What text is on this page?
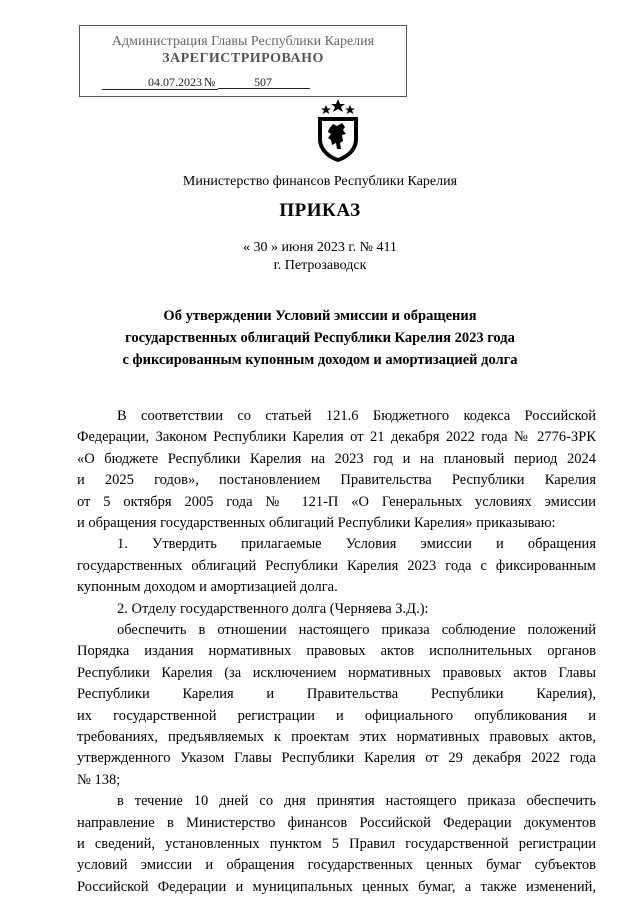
Администрация Главы Республики Карелия
ЗАРЕГИСТРИРОВАНО
04.07.2023 №	507
Министерство финансов Республики Карелия
ПРИКАЗ
« 30 » июня 2023 г. № 411
г. Петрозаводск
Об утверждении Условий эмиссии и обращения
государственных облигаций Республики Карелия 2023 года
с фиксированным купонным доходом и амортизацией долга
В соответствии со статьей 121.6 Бюджетного кодекса Российской
Федерации, Законом Республики Карелия от 21 декабря 2022 года № 2776-ЗРК
«О бюджете Республики Карелия на 2023 год и на плановый период 2024
и 2025 годов», постановлением Правительства Республики Карелия
от 5 октября 2005 года № 121-П «О Генеральных условиях эмиссии
и обращения государственных облигаций Республики Карелия» приказываю:
1. Утвердить прилагаемые Условия эмиссии и обращения
государственных облигаций Республики Карелия 2023 года с фиксированным
купонным доходом и амортизацией долга.
2. Отделу государственного долга (Черняева З.Д.):
обеспечить в отношении настоящего приказа соблюдение положений
Порядка издания нормативных правовых актов исполнительных органов
Республики Карелия (за исключением нормативных правовых актов Главы
Республики Карелия и Правительства Республики Карелия),
их государственной регистрации и официального опубликования и
требованиях, предъявляемых к проектам этих нормативных правовых актов,
утвержденного Указом Главы Республики Карелия от 29 декабря 2022 года
№ 138;
в течение 10 дней со дня принятия настоящего приказа обеспечить
направление в Министерство финансов Российской Федерации документов
и сведений, установленных пунктом 5 Правил государственной регистрации
условий эмиссии и обращения государственных ценных бумаг субъектов
Российской Федерации и муниципальных ценных бумаг, а также изменений,
